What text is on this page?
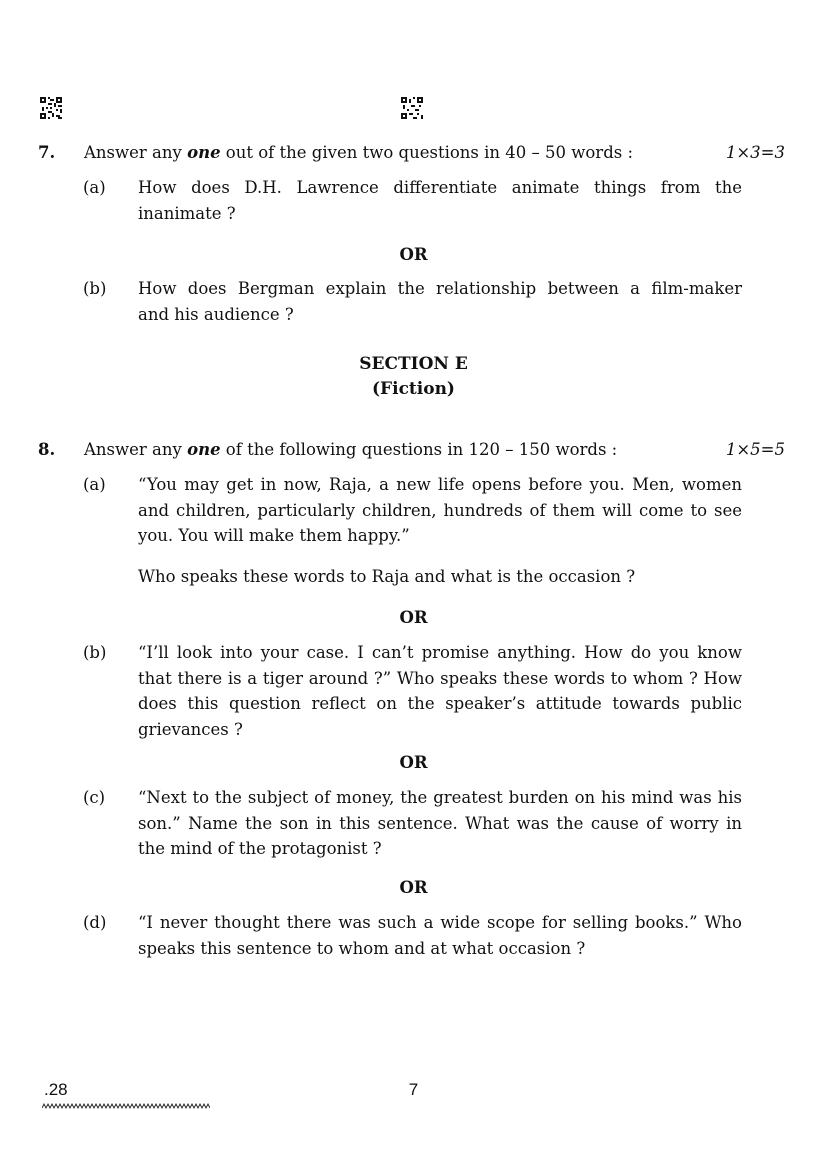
7. Answer any one out of the given two questions in 40 – 50 words :	1×3=3
(a) How does D.H. Lawrence differentiate animate things from the
inanimate ?
OR
(b) How does Bergman explain the relationship between a film-maker
and his audience ?
SECTION E
(Fiction)
8. Answer any one of the following questions in 120 – 150 words :	1×5=5
(a) “You may get in now, Raja, a new life opens before you. Men, women and children, particularly children, hundreds of them will come to see you. You will make them happy.”
Who speaks these words to Raja and what is the occasion ?
OR
(b) “I’ll look into your case. I can’t promise anything. How do you know that there is a tiger around ?” Who speaks these words to whom ? How does this question reflect on the speaker’s attitude towards public grievances ?
OR
(c) “Next to the subject of money, the greatest burden on his mind was his son.” Name the son in this sentence. What was the cause of worry in the mind of the protagonist ?
OR
(d) “I never thought there was such a wide scope for selling books.” Who speaks this sentence to whom and at what occasion ?
.28	7
